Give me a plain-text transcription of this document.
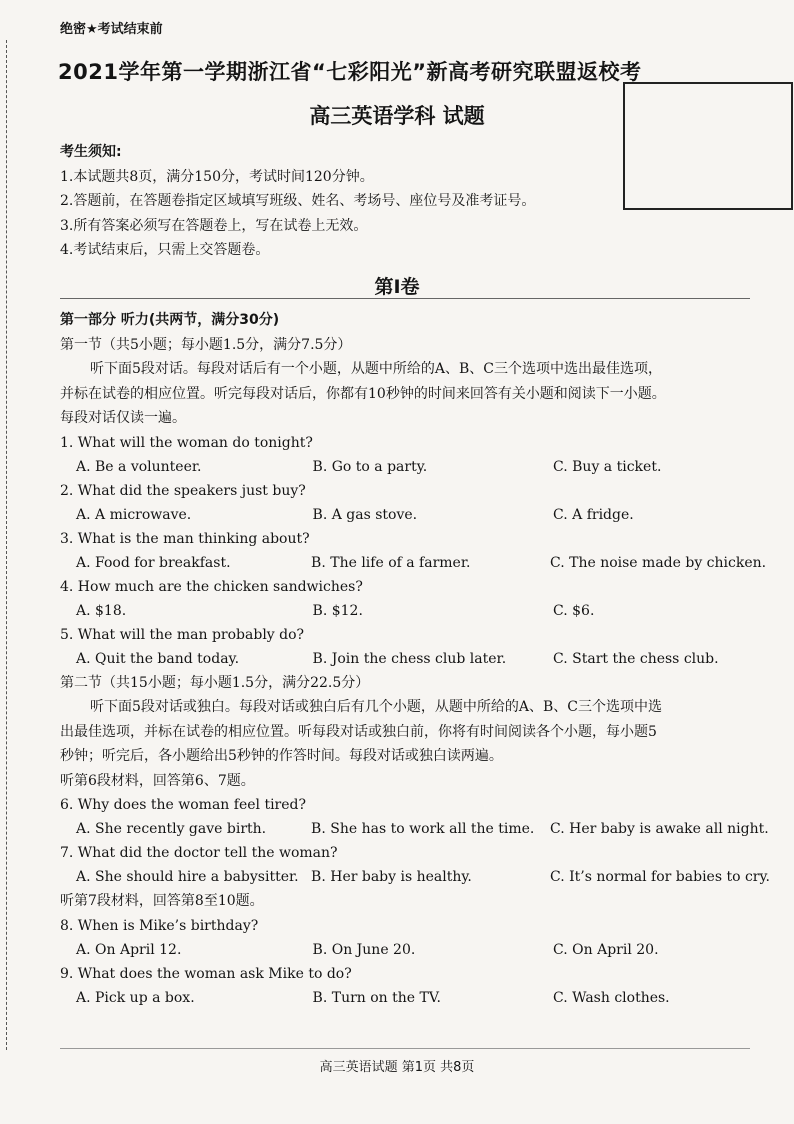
绝密★考试结束前
2021学年第一学期浙江省“七彩阳光”新高考研究联盟返校考
高三英语学科 试题
考生须知:
1.本试题共8页，满分150分，考试时间120分钟。
2.答题前，在答题卷指定区域填写班级、姓名、考场号、座位号及准考证号。
3.所有答案必须写在答题卷上，写在试卷上无效。
4.考试结束后，只需上交答题卷。
第Ⅰ卷
第一部分 听力(共两节，满分30分)
第一节（共5小题；每小题1.5分，满分7.5分）
听下面5段对话。每段对话后有一个小题，从题中所给的A、B、C三个选项中选出最佳选项，
并标在试卷的相应位置。听完每段对话后，你都有10秒钟的时间来回答有关小题和阅读下一小题。
每段对话仅读一遍。
1. What will the woman do tonight?
A. Be a volunteer.	B. Go to a party.	C. Buy a ticket.
2. What did the speakers just buy?
A. A microwave.	B. A gas stove.	C. A fridge.
3. What is the man thinking about?
A. Food for breakfast.	B. The life of a farmer.	C. The noise made by chicken.
4. How much are the chicken sandwiches?
A. $18.	B. $12.	C. $6.
5. What will the man probably do?
A. Quit the band today.	B. Join the chess club later.	C. Start the chess club.
第二节（共15小题；每小题1.5分，满分22.5分）
听下面5段对话或独白。每段对话或独白后有几个小题，从题中所给的A、B、C三个选项中选
出最佳选项，并标在试卷的相应位置。听每段对话或独白前，你将有时间阅读各个小题，每小题5
秒钟；听完后，各小题给出5秒钟的作答时间。每段对话或独白读两遍。
听第6段材料，回答第6、7题。
6. Why does the woman feel tired?
A. She recently gave birth.	B. She has to work all the time.	C. Her baby is awake all night.
7. What did the doctor tell the woman?
A. She should hire a babysitter. B. Her baby is healthy.	C. It’s normal for babies to cry.
听第7段材料，回答第8至10题。
8. When is Mike’s birthday?
A. On April 12.	B. On June 20.	C. On April 20.
9. What does the woman ask Mike to do?
A. Pick up a box.	B. Turn on the TV.	C. Wash clothes.
高三英语试题 第1页 共8页
